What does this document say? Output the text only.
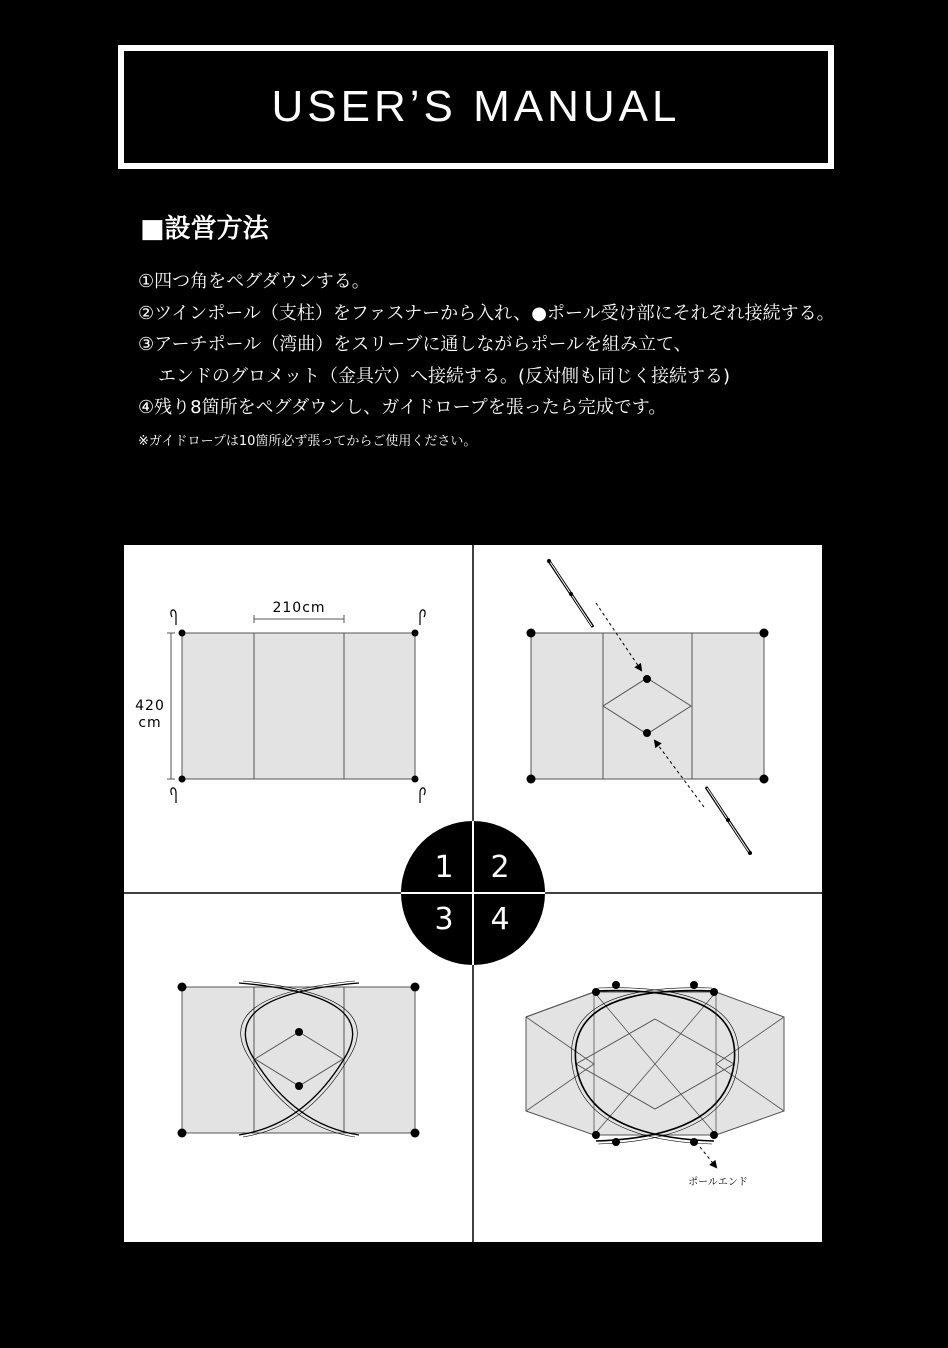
USER’S MANUAL
■設営方法
①四つ角をペグダウンする。
②ツインポール（支柱）をファスナーから入れ、●ポール受け部にそれぞれ接続する。
③アーチポール（湾曲）をスリーブに通しながらポールを組み立て、
エンドのグロメット（金具穴）へ接続する。(反対側も同じく接続する)
④残り8箇所をペグダウンし、ガイドロープを張ったら完成です。
※ガイドロープは10箇所必ず張ってからご使用ください。
210cm
420
cm
ポールエンド
1 2
3 4
